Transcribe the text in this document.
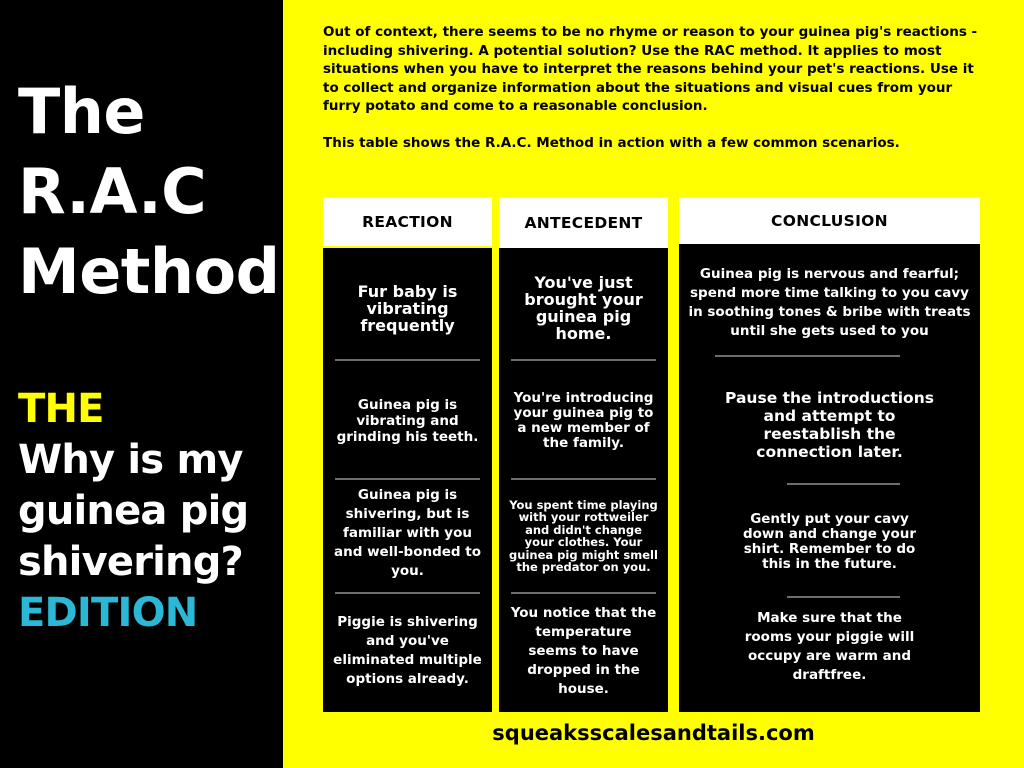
The
R.A.C
Method
THE
Why is my
guinea pig
shivering?
EDITION

Out of context, there seems to be no rhyme or reason to your guinea pig's reactions - including shivering. A potential solution? Use the RAC method. It applies to most situations when you have to interpret the reasons behind your pet's reactions. Use it to collect and organize information about the situations and visual cues from your furry potato and come to a reasonable conclusion.

This table shows the R.A.C. Method in action with a few common scenarios.

REACTION	ANTECEDENT	CONCLUSION
Fur baby is vibrating frequently
Guinea pig is vibrating and grinding his teeth.
Guinea pig is shivering, but is familiar with you and well-bonded to you.
Piggie is shivering and you've eliminated multiple options already.
You've just brought your guinea pig home.
You're introducing your guinea pig to a new member of the family.
You spent time playing with your rottweiler and didn't change your clothes. Your guinea pig might smell the predator on you.
You notice that the temperature seems to have dropped in the house.
Guinea pig is nervous and fearful; spend more time talking to you cavy in soothing tones & bribe with treats until she gets used to you
Pause the introductions and attempt to reestablish the connection later.
Gently put your cavy down and change your shirt. Remember to do this in the future.
Make sure that the rooms your piggie will occupy are warm and draftfree.
squeaksscalesandtails.com
